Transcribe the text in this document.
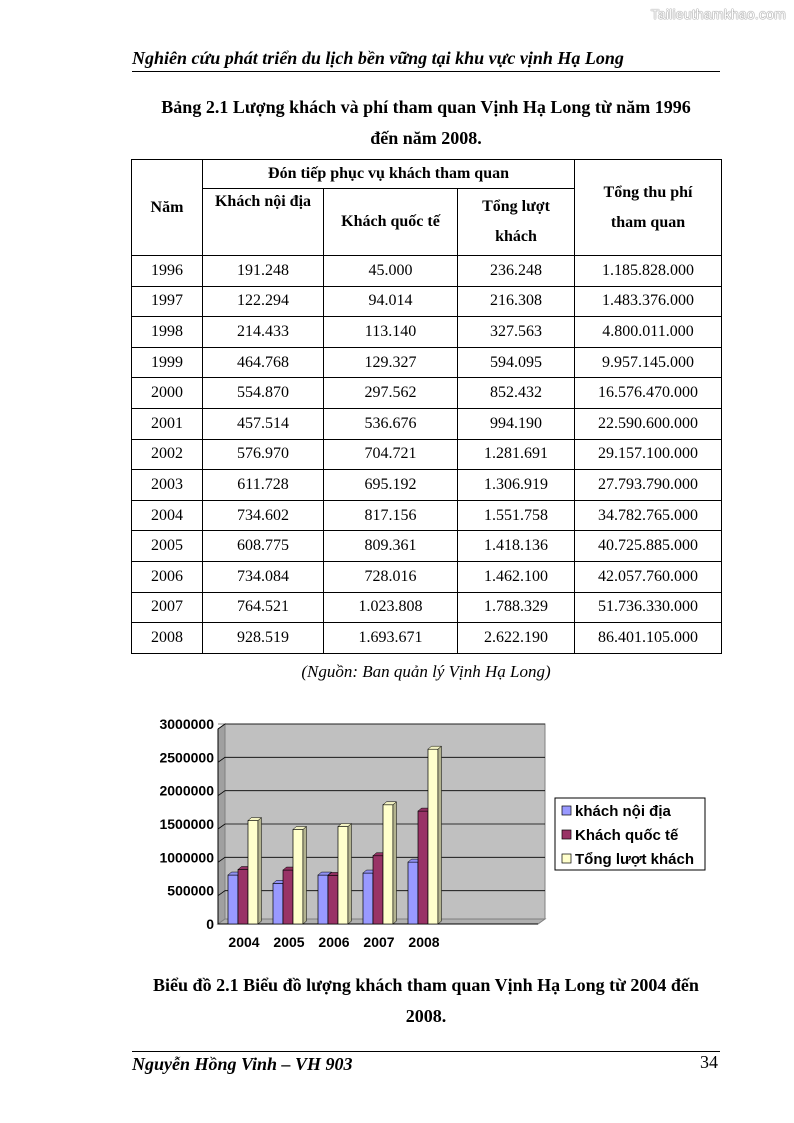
Tailieuthamkhao.com
Nghiên cứu phát triển du lịch bền vững tại khu vực vịnh Hạ Long
Bảng 2.1 Lượng khách và phí tham quan Vịnh Hạ Long từ năm 1996
đến năm 2008.
Năm	Đón tiếp phục vụ khách tham quan			Tổng thu phí
tham quan

	Khách nội địa	Khách quốc tế	Tổng lượt
khách	

1996	191.248	45.000	236.248	1.185.828.000
1997	122.294	94.014	216.308	1.483.376.000
1998	214.433	113.140	327.563	4.800.011.000
1999	464.768	129.327	594.095	9.957.145.000
2000	554.870	297.562	852.432	16.576.470.000
2001	457.514	536.676	994.190	22.590.600.000
2002	576.970	704.721	1.281.691	29.157.100.000
2003	611.728	695.192	1.306.919	27.793.790.000
2004	734.602	817.156	1.551.758	34.782.765.000
2005	608.775	809.361	1.418.136	40.725.885.000
2006	734.084	728.016	1.462.100	42.057.760.000
2007	764.521	1.023.808	1.788.329	51.736.330.000
2008	928.519	1.693.671	2.622.190	86.401.105.000
(Nguồn: Ban quản lý Vịnh Hạ Long)
0
500000
1000000
1500000
2000000
2500000
3000000
2004 2005 2006 2007 2008
khách nội địa
Khách quốc tế
Tổng lượt khách
Biểu đồ 2.1 Biểu đồ lượng khách tham quan Vịnh Hạ Long từ 2004 đến
2008.
Nguyễn Hồng Vinh – VH 903	34
